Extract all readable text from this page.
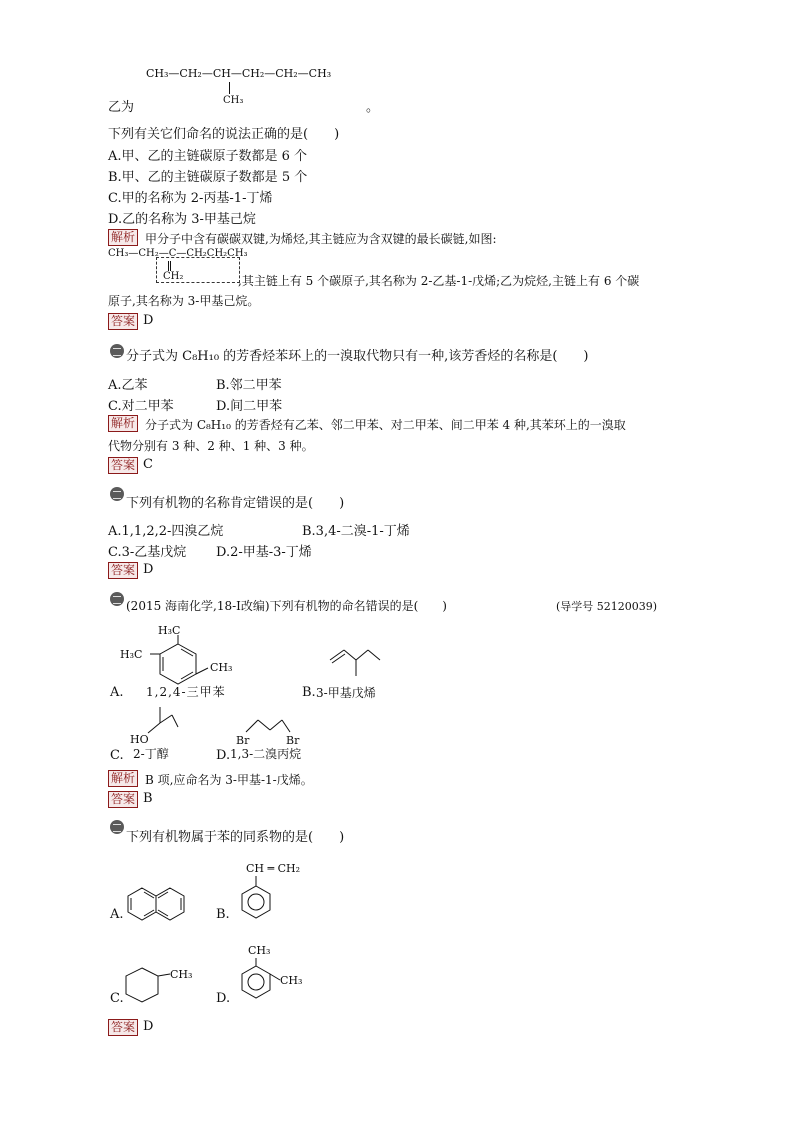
CH₃—CH₂—CH—CH₂—CH₂—CH₃
CH₃
乙为	。
下列有关它们命名的说法正确的是(　　)
A.甲、乙的主链碳原子数都是 6 个
B.甲、乙的主链碳原子数都是 5 个
C.甲的名称为 2-丙基-1-丁烯
D.乙的名称为 3-甲基己烷
解析 甲分子中含有碳碳双键,为烯烃,其主链应为含双键的最长碳链,如图:
CH₃—CH₂—C—CH₂CH₂CH₃
CH₂	,其主链上有 5 个碳原子,其名称为 2-乙基-1-戊烯;乙为烷烃,主链上有 6 个碳
原子,其名称为 3-甲基己烷。
答案 D
分子式为 C₈H₁₀ 的芳香烃苯环上的一溴取代物只有一种,该芳香烃的名称是(　　)
A.乙苯	B.邻二甲苯
C.对二甲苯	D.间二甲苯
解析 分子式为 C₈H₁₀ 的芳香烃有乙苯、邻二甲苯、对二甲苯、间二甲苯 4 种,其苯环上的一溴取
代物分别有 3 种、2 种、1 种、3 种。
答案 C
下列有机物的名称肯定错误的是(　　)
A.1,1,2,2-四溴乙烷	B.3,4-二溴-1-丁烯
C.3-乙基戊烷 D.2-甲基-3-丁烯
答案 D
(2015 海南化学,18-Ⅰ改编)下列有机物的命名错误的是(　　)	(导学号 52120039)
H₃C
H₃C
CH₃
A. 1,2,4-三甲苯	B. 3-甲基戊烯
HO
C. 2-丁醇
Br	Br
D. 1,3-二溴丙烷
解析 B 项,应命名为 3-甲基-1-戊烯。
答案 B
下列有机物属于苯的同系物的是(　　)
A.
CH ═ CH₂
B.
CH₃
C.
CH₃
CH₃
D.
答案 D
